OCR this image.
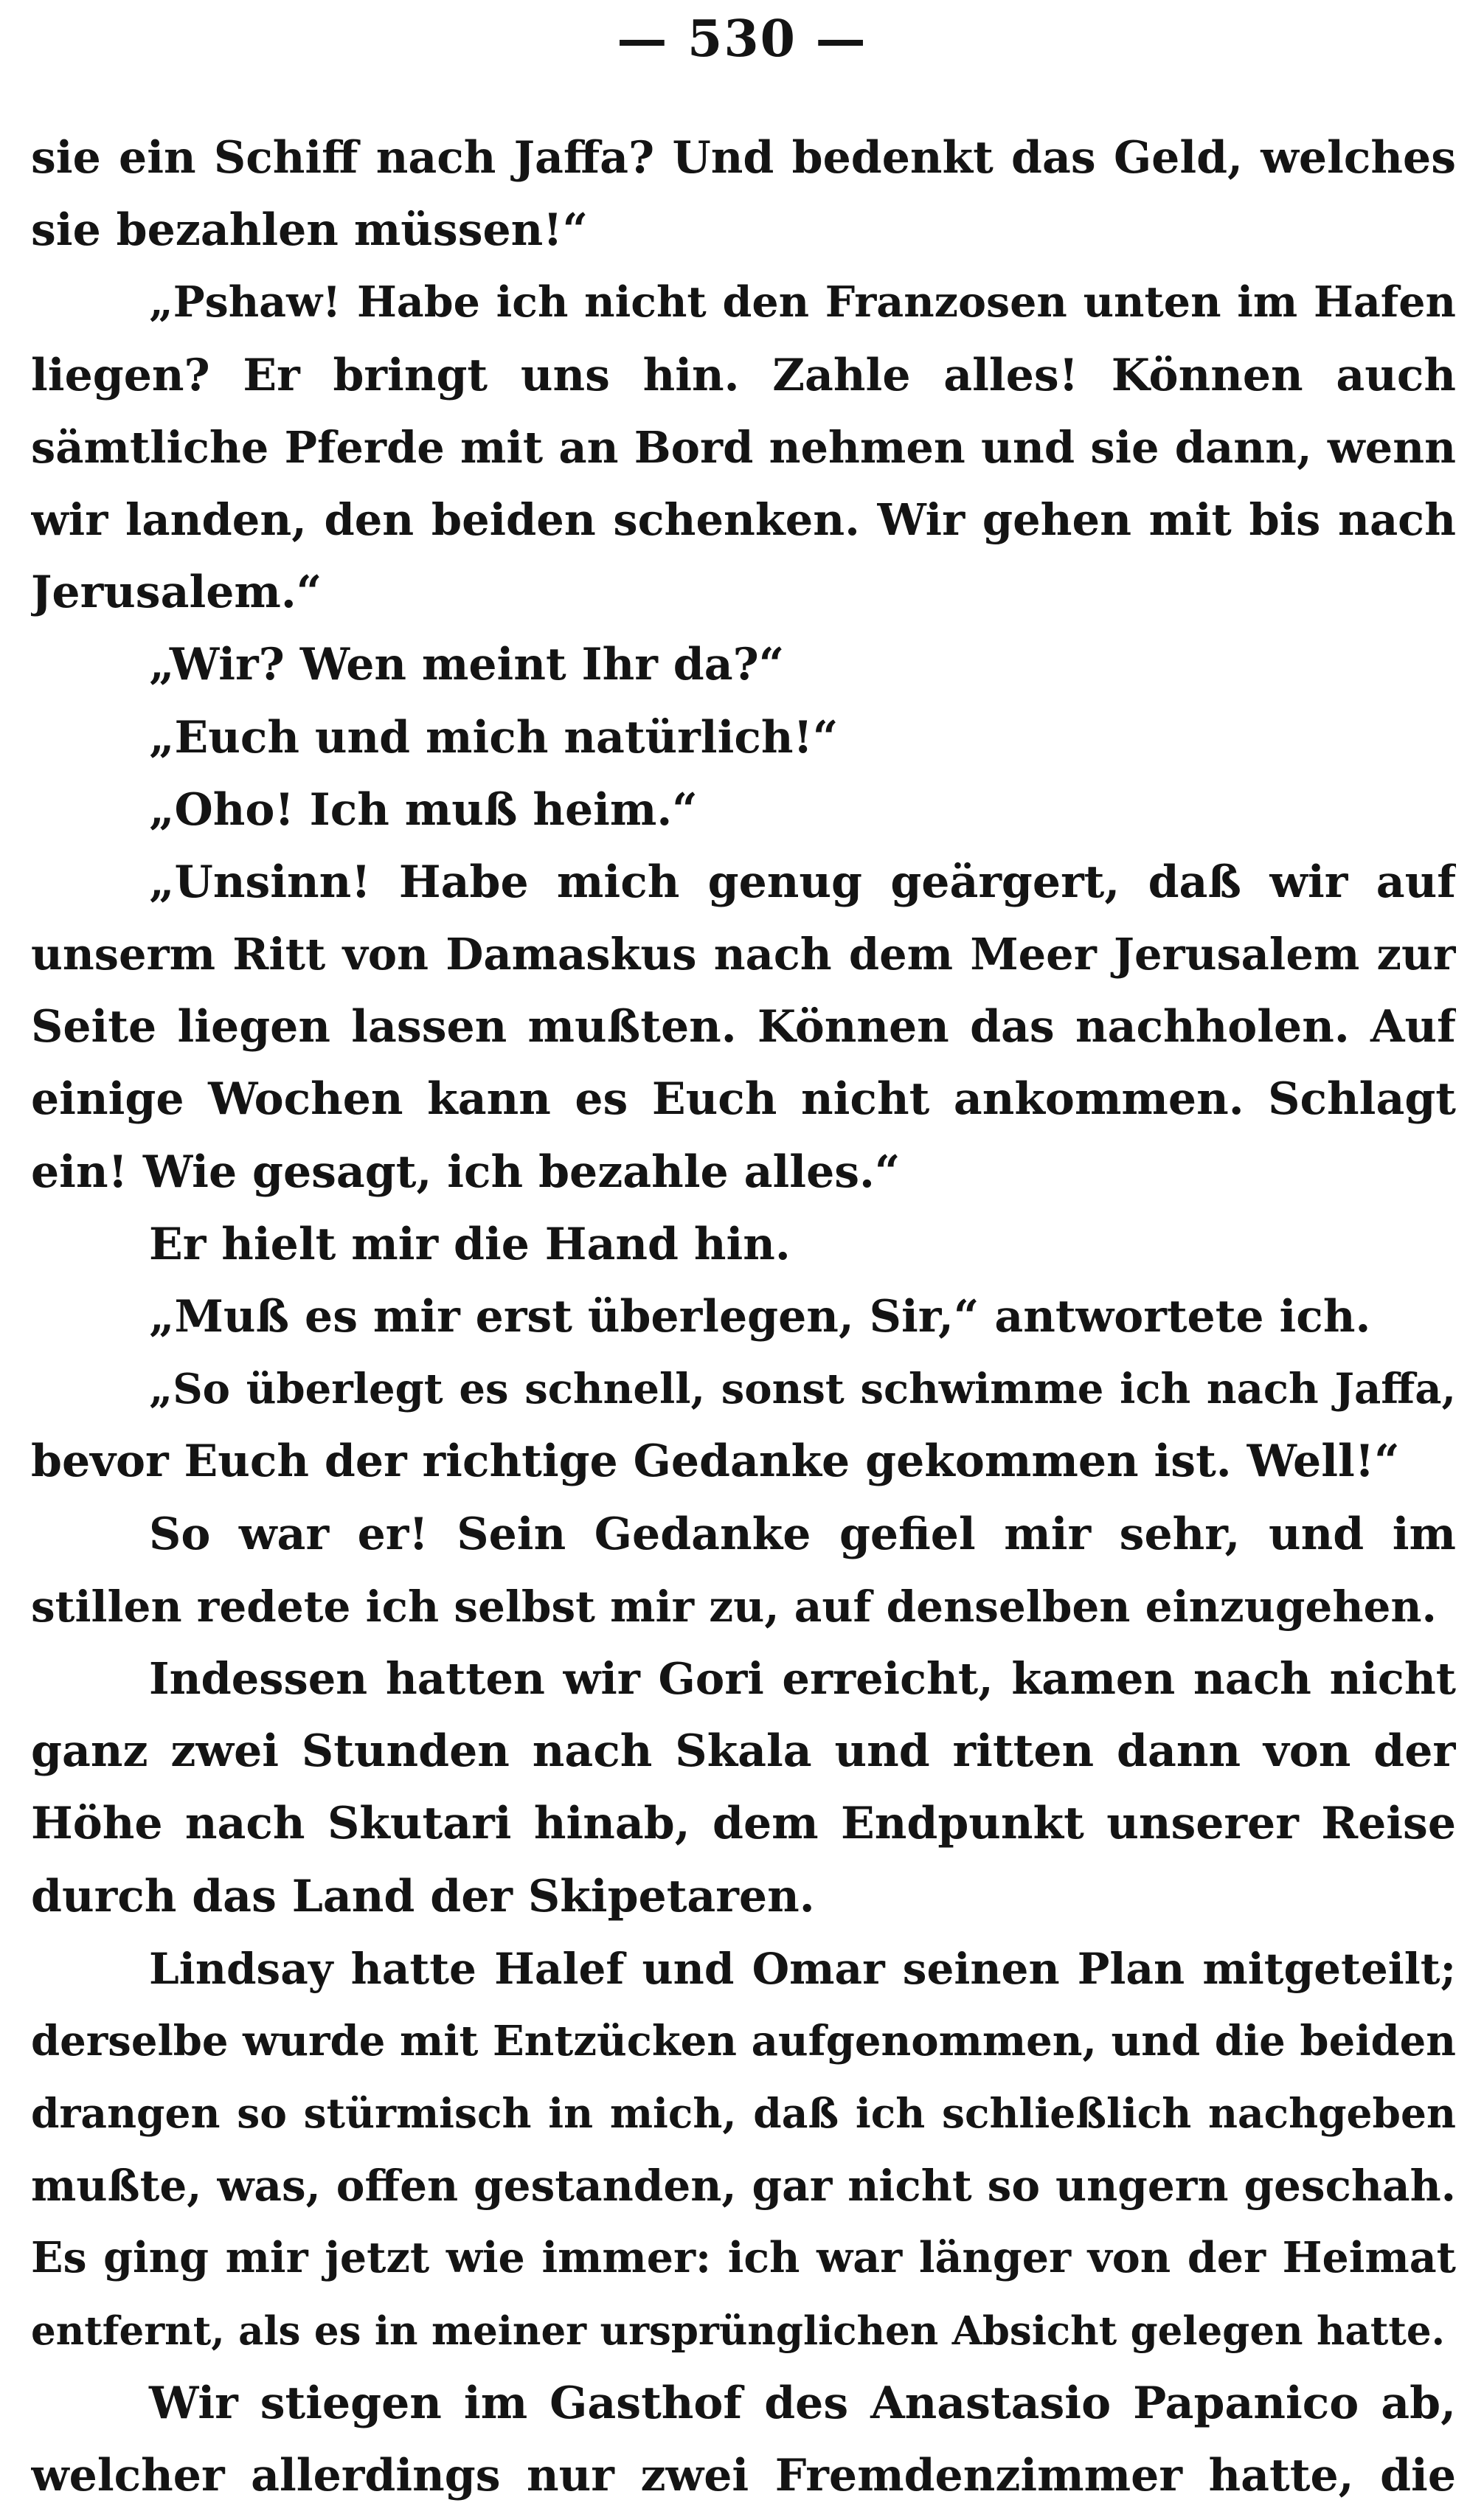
— 530 —
sie ein Schiff nach Jaffa? Und bedenkt das Geld, welches
sie bezahlen müssen!“
„Pshaw! Habe ich nicht den Franzosen unten im Hafen
liegen? Er bringt uns hin. Zahle alles! Können auch
sämtliche Pferde mit an Bord nehmen und sie dann, wenn
wir landen, den beiden schenken. Wir gehen mit bis nach
Jerusalem.“
„Wir? Wen meint Ihr da?“
„Euch und mich natürlich!“
„Oho! Ich muß heim.“
„Unsinn! Habe mich genug geärgert, daß wir auf
unserm Ritt von Damaskus nach dem Meer Jerusalem zur
Seite liegen lassen mußten. Können das nachholen. Auf
einige Wochen kann es Euch nicht ankommen. Schlagt
ein! Wie gesagt, ich bezahle alles.“
Er hielt mir die Hand hin.
„Muß es mir erst überlegen, Sir,“ antwortete ich.
„So überlegt es schnell, sonst schwimme ich nach Jaffa,
bevor Euch der richtige Gedanke gekommen ist. Well!“
So war er! Sein Gedanke gefiel mir sehr, und im
stillen redete ich selbst mir zu, auf denselben einzugehen.
Indessen hatten wir Gori erreicht, kamen nach nicht
ganz zwei Stunden nach Skala und ritten dann von der
Höhe nach Skutari hinab, dem Endpunkt unserer Reise
durch das Land der Skipetaren.
Lindsay hatte Halef und Omar seinen Plan mitgeteilt;
derselbe wurde mit Entzücken aufgenommen, und die beiden
drangen so stürmisch in mich, daß ich schließlich nachgeben
mußte, was, offen gestanden, gar nicht so ungern geschah.
Es ging mir jetzt wie immer: ich war länger von der Heimat
entfernt, als es in meiner ursprünglichen Absicht gelegen hatte.
Wir stiegen im Gasthof des Anastasio Papanico ab,
welcher allerdings nur zwei Fremdenzimmer hatte, die
